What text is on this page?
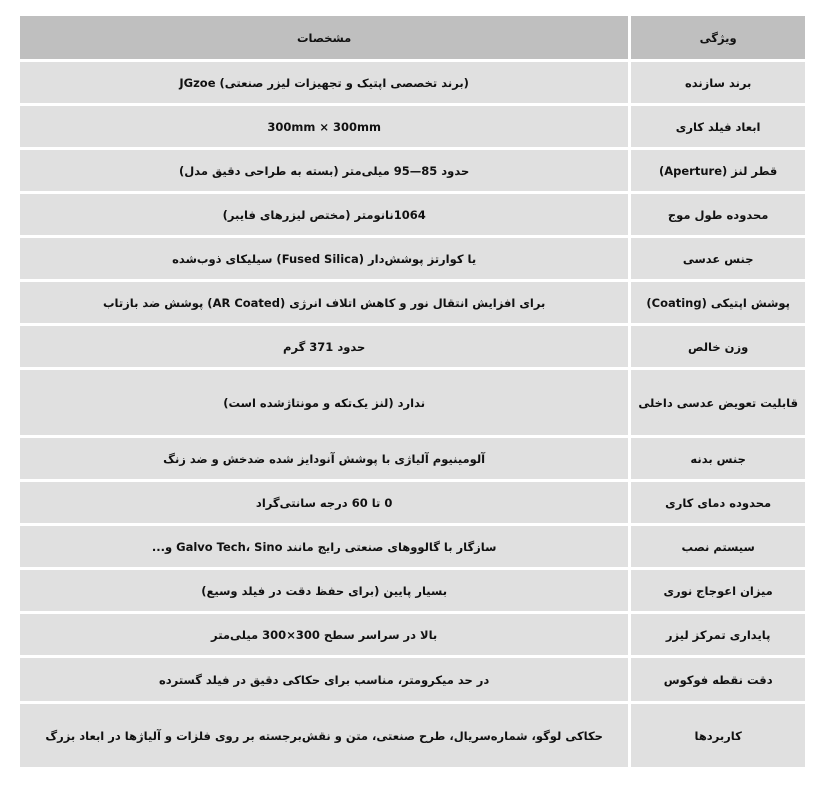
مشخصات	ویژگی
(برند تخصصی اپتیک و تجهیزات لیزر صنعتی) JGzoe	برند سازنده
300mm × 300mm	ابعاد فیلد کاری
حدود 85—95 میلی‌متر (بسته به طراحی دقیق مدل)	(Aperture) قطر لنز
1064نانومتر (مختص لیزرهای فایبر)	محدوده طول موج
یا کوارتز پوشش‌دار (Fused Silica) سیلیکای ذوب‌شده	جنس عدسی
برای افزایش انتقال نور و کاهش اتلاف انرژی (AR Coated) پوشش ضد بازتاب	(Coating) پوشش اپتیکی
حدود 371 گرم	وزن خالص
ندارد (لنز یک‌تکه و مونتاژشده است)	قابلیت تعویض عدسی داخلی
آلومینیوم آلیاژی با پوشش آنودایز شده ضدخش و ضد زنگ	جنس بدنه
0 تا 60 درجه سانتی‌گراد	محدوده دمای کاری
سازگار با گالووهای صنعتی رایج مانند Galvo Tech، Sino و...	سیستم نصب
بسیار پایین (برای حفظ دقت در فیلد وسیع)	میزان اعوجاج نوری
بالا در سراسر سطح 300×300 میلی‌متر	پایداری تمرکز لیزر
در حد میکرومتر، مناسب برای حکاکی دقیق در فیلد گسترده	دقت نقطه فوکوس
حکاکی لوگو، شماره‌سریال، طرح صنعتی، متن و نقش‌برجسته بر روی فلزات و آلیاژها در ابعاد بزرگ	کاربردها
